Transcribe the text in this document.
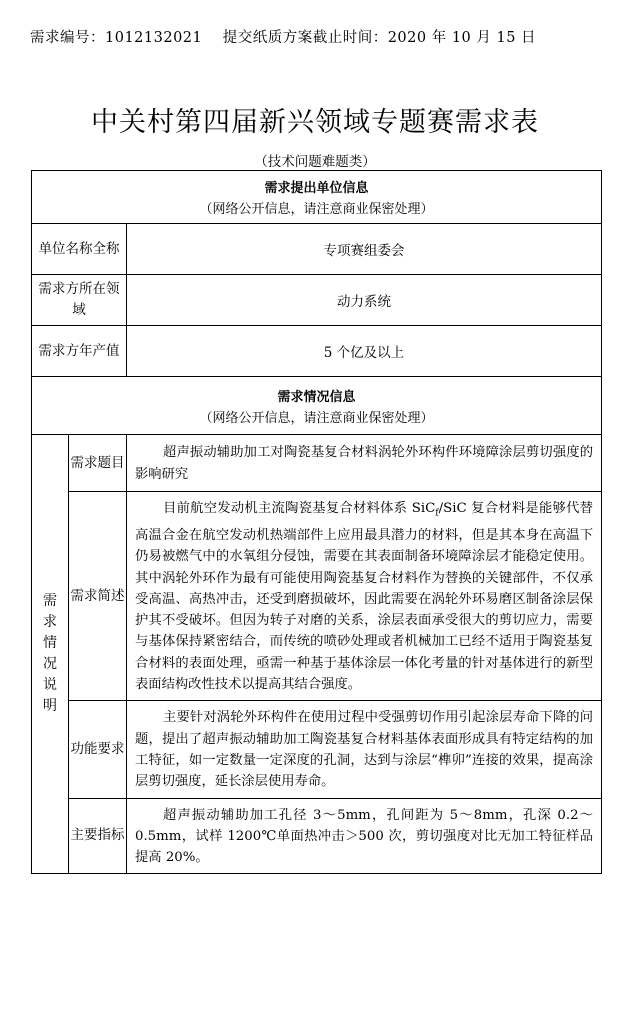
需求编号：1012132021 提交纸质方案截止时间：2020 年 10 月 15 日
中关村第四届新兴领域专题赛需求表
（技术问题难题类）
需求提出单位信息
（网络公开信息，请注意商业保密处理）		

单位名称全称		专项赛组委会
需求方所在领域		动力系统
需求方年产值		5 个亿及以上

需求情况信息
（网络公开信息，请注意商业保密处理）		

需求情况说明	需求题目	超声振动辅助加工对陶瓷基复合材料涡轮外环构件环境障涂层剪切强度的影响研究
	需求简述	目前航空发动机主流陶瓷基复合材料体系 SiC$_f$/SiC 复合材料是能够代替高温合金在航空发动机热端部件上应用最具潜力的材料，但是其本身在高温下仍易被燃气中的水氧组分侵蚀，需要在其表面制备环境障涂层才能稳定使用。其中涡轮外环作为最有可能使用陶瓷基复合材料作为替换的关键部件，不仅承受高温、高热冲击，还受到磨损破坏，因此需要在涡轮外环易磨区制备涂层保护其不受破坏。但因为转子对磨的关系，涂层表面承受很大的剪切应力，需要与基体保持紧密结合，而传统的喷砂处理或者机械加工已经不适用于陶瓷基复合材料的表面处理，亟需一种基于基体涂层一体化考量的针对基体进行的新型表面结构改性技术以提高其结合强度。
	功能要求	主要针对涡轮外环构件在使用过程中受强剪切作用引起涂层寿命下降的问题，提出了超声振动辅助加工陶瓷基复合材料基体表面形成具有特定结构的加工特征，如一定数量一定深度的孔洞，达到与涂层“榫卯”连接的效果，提高涂层剪切强度，延长涂层使用寿命。
	主要指标	超声振动辅助加工孔径 3～5mm，孔间距为 5～8mm，孔深 0.2～0.5mm，试样 1200℃单面热冲击＞500 次，剪切强度对比无加工特征样品提高 20%。
